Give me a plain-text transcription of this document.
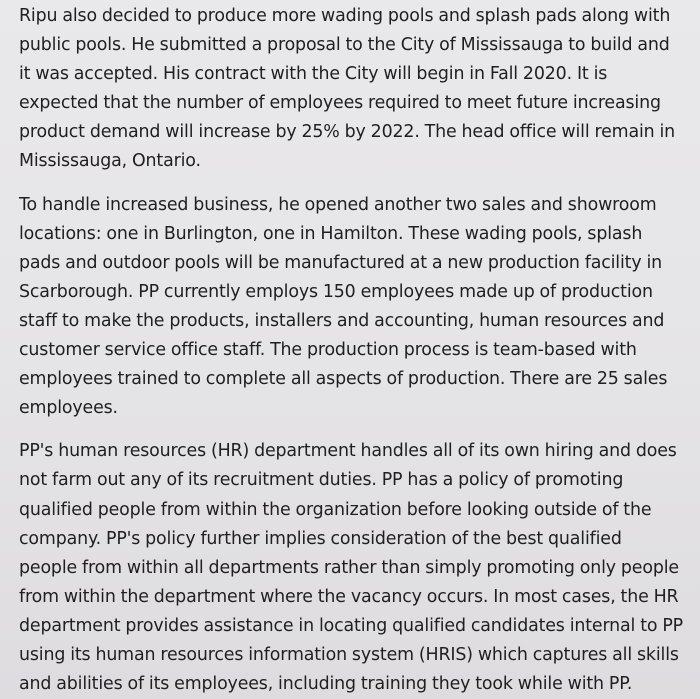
Ripu also decided to produce more wading pools and splash pads along with
public pools. He submitted a proposal to the City of Mississauga to build and
it was accepted. His contract with the City will begin in Fall 2020. It is
expected that the number of employees required to meet future increasing
product demand will increase by 25% by 2022. The head office will remain in
Mississauga, Ontario.

To handle increased business, he opened another two sales and showroom
locations: one in Burlington, one in Hamilton. These wading pools, splash
pads and outdoor pools will be manufactured at a new production facility in
Scarborough. PP currently employs 150 employees made up of production
staff to make the products, installers and accounting, human resources and
customer service office staff. The production process is team-based with
employees trained to complete all aspects of production. There are 25 sales
employees.

PP's human resources (HR) department handles all of its own hiring and does
not farm out any of its recruitment duties. PP has a policy of promoting
qualified people from within the organization before looking outside of the
company. PP's policy further implies consideration of the best qualified
people from within all departments rather than simply promoting only people
from within the department where the vacancy occurs. In most cases, the HR
department provides assistance in locating qualified candidates internal to PP
using its human resources information system (HRIS) which captures all skills
and abilities of its employees, including training they took while with PP.
